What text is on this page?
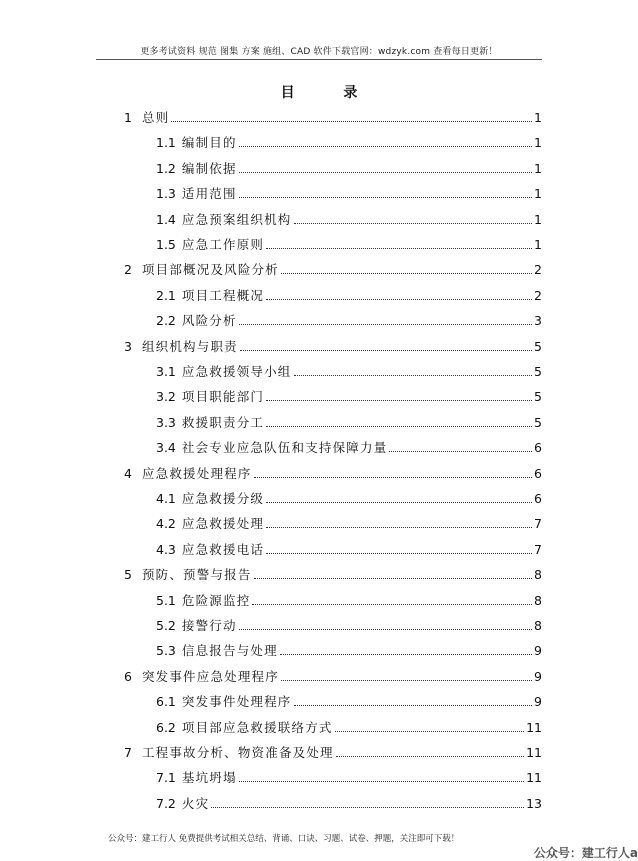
更多考试资料 规范 图集 方案 施组、CAD 软件下载官网：wdzyk.com 查看每日更新！
目 录
1 总则	1
1.1 编制目的	1
1.2 编制依据	1
1.3 适用范围	1
1.4 应急预案组织机构	1
1.5 应急工作原则	1
2 项目部概况及风险分析	2
2.1 项目工程概况	2
2.2 风险分析	3
3 组织机构与职责	5
3.1 应急救援领导小组	5
3.2 项目职能部门	5
3.3 救援职责分工	5
3.4 社会专业应急队伍和支持保障力量	6
4 应急救援处理程序	6
4.1 应急救援分级	6
4.2 应急救援处理	7
4.3 应急救援电话	7
5 预防、预警与报告	8
5.1 危险源监控	8
5.2 接警行动	8
5.3 信息报告与处理	9
6 突发事件应急处理程序	9
6.1 突发事件处理程序	9
6.2 项目部应急救援联络方式	11
7 工程事故分析、物资准备及处理	11
7.1 基坑坍塌	11
7.2 火灾	13
公众号：建工行人 免费提供考试相关总结、背诵、口诀、习题、试卷、押题，关注即可下载！
公众号：建工行人a
